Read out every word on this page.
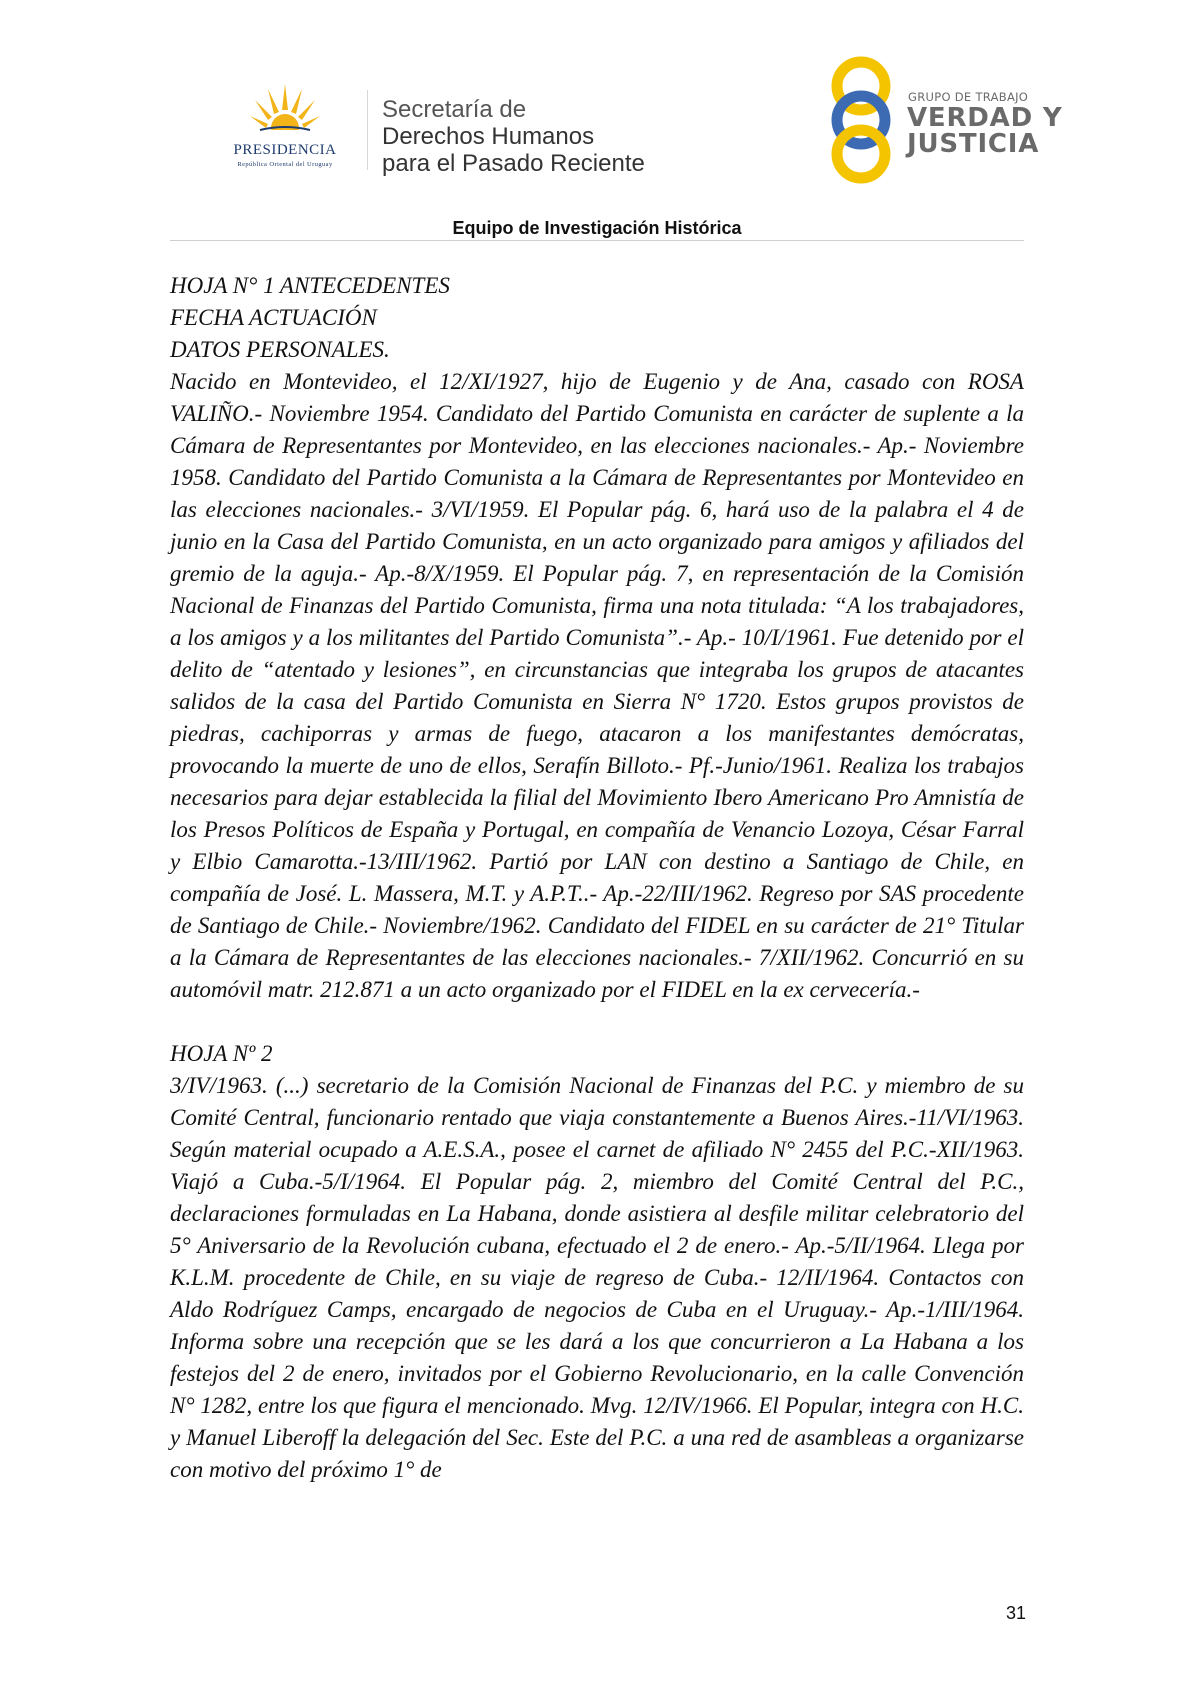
PRESIDENCIA
República Oriental del Uruguay
Secretaría de
Derechos Humanos
para el Pasado Reciente
GRUPO DE TRABAJO
VERDAD Y
JUSTICIA
Equipo de Investigación Histórica
HOJA N° 1 ANTECEDENTES
FECHA ACTUACIÓN
DATOS PERSONALES.

Nacido en Montevideo, el 12/XI/1927, hijo de Eugenio y de Ana, casado con ROSA VALIÑO.- Noviembre 1954. Candidato del Partido Comunista en carácter de suplente a la Cámara de Representantes por Montevideo, en las elecciones nacionales.- Ap.- Noviembre 1958. Candidato del Partido Comunista a la Cámara de Representantes por Montevideo en las elecciones nacionales.- 3/VI/1959. El Popular pág. 6, hará uso de la palabra el 4 de junio en la Casa del Partido Comunista, en un acto organizado para amigos y afiliados del gremio de la aguja.- Ap.-8/X/1959. El Popular pág. 7, en representación de la Comisión Nacional de Finanzas del Partido Comunista, firma una nota titulada: “A los trabajadores, a los amigos y a los militantes del Partido Comunista”.- Ap.- 10/I/1961. Fue detenido por el delito de “atentado y lesiones”, en circunstancias que integraba los grupos de atacantes salidos de la casa del Partido Comunista en Sierra N° 1720. Estos grupos provistos de piedras, cachiporras y armas de fuego, atacaron a los manifestantes demócratas, provocando la muerte de uno de ellos, Serafín Billoto.- Pf.-Junio/1961. Realiza los trabajos necesarios para dejar establecida la filial del Movimiento Ibero Americano Pro Amnistía de los Presos Políticos de España y Portugal, en compañía de Venancio Lozoya, César Farral y Elbio Camarotta.-13/III/1962. Partió por LAN con destino a Santiago de Chile, en compañía de José. L. Massera, M.T. y A.P.T..- Ap.-22/III/1962. Regreso por SAS procedente de Santiago de Chile.- Noviembre/1962. Candidato del FIDEL en su carácter de 21° Titular a la Cámara de Representantes de las elecciones nacionales.- 7/XII/1962. Concurrió en su automóvil matr. 212.871 a un acto organizado por el FIDEL en la ex cervecería.-

HOJA Nº 2

3/IV/1963. (...) secretario de la Comisión Nacional de Finanzas del P.C. y miembro de su Comité Central, funcionario rentado que viaja constantemente a Buenos Aires.-11/VI/1963. Según material ocupado a A.E.S.A., posee el carnet de afiliado N° 2455 del P.C.-XII/1963. Viajó a Cuba.-5/I/1964. El Popular pág. 2, miembro del Comité Central del P.C., declaraciones formuladas en La Habana, donde asistiera al desfile militar celebratorio del 5° Aniversario de la Revolución cubana, efectuado el 2 de enero.- Ap.-5/II/1964. Llega por K.L.M. procedente de Chile, en su viaje de regreso de Cuba.- 12/II/1964. Contactos con Aldo Rodríguez Camps, encargado de negocios de Cuba en el Uruguay.- Ap.-1/III/1964. Informa sobre una recepción que se les dará a los que concurrieron a La Habana a los festejos del 2 de enero, invitados por el Gobierno Revolucionario, en la calle Convención N° 1282, entre los que figura el mencionado. Mvg. 12/IV/1966. El Popular, integra con H.C. y Manuel Liberoff la delegación del Sec. Este del P.C. a una red de asambleas a organizarse con motivo del próximo 1° de

31
